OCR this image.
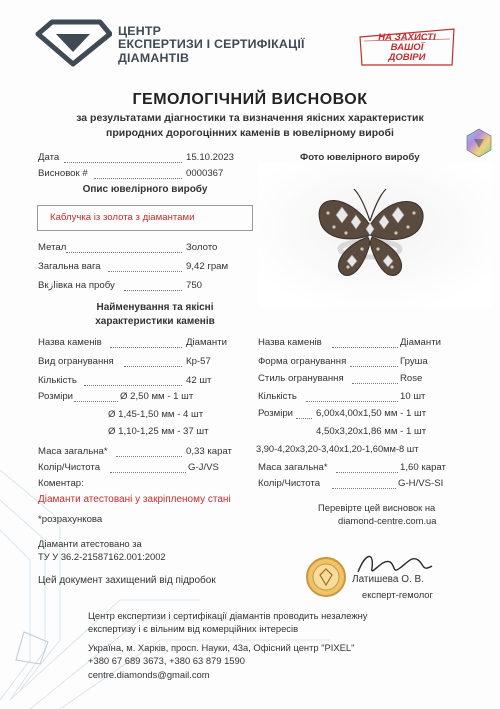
ЦЕНТР
ЕКСПЕРТИЗИ І СЕРТИФІКАЦІЇ
ДІАМАНТІВ
НА ЗАХИСТІ
ВАШОЇ
ДОВІРИ
ГЕМОЛОГІЧНИЙ ВИСНОВОК
за результатами діагностики та визначення якісних характеристик
природних дорогоцінних каменів в ювелірному виробі
Дата	15.10.2023
Висновок #	0000367
Фото ювелірного виробу
Опис ювелірного виробу
Каблучка із золота з діамантами
Метал	Золото
Загальна вага	9,42 грам
Вкازівка на пробу	750
Найменування та якісні
характеристики каменів
Назва каменів	Діаманти
Вид огранування	Кр-57
Кількість	42 шт
Розміри	Ø 2,50 мм - 1 шт
Ø 1,45-1,50 мм - 4 шт
Ø 1,10-1,25 мм - 37 шт
Маса загальна*	0,33 карат
Колір/Чистота	G-J/VS
Коментар:
Назва каменів	Діаманти
Форма огранування	Груша
Стиль огранування	Rose
Кількість	10 шт
Розміри 6,00x4,00x1,50 мм - 1 шт
4,50x3,20x1,86 мм - 1 шт
3,90-4,20x3,20-3,40x1,20-1,60мм-8 шт
Маса загальна*	1,60 карат
Колір/Чистота	G-H/VS-SI
Діаманти атестовані у закріпленому стані
*розрахункова
Перевірте цей висновок на
diamond-centre.com.ua
Діаманти атестовано за
ТУ У 36.2-21587162.001:2002
Цей документ захищений від підробок	Латишева О. В.
експерт-гемолог
Центр експертизи і сертифікації діамантів проводить незалежну
експертизу і є вільним від комерційних інтересів
Україна, м. Харків, просп. Науки, 43а, Офісний центр "PIXEL"
+380 67 689 3673, +380 63 879 1590
centre.diamonds@gmail.com
